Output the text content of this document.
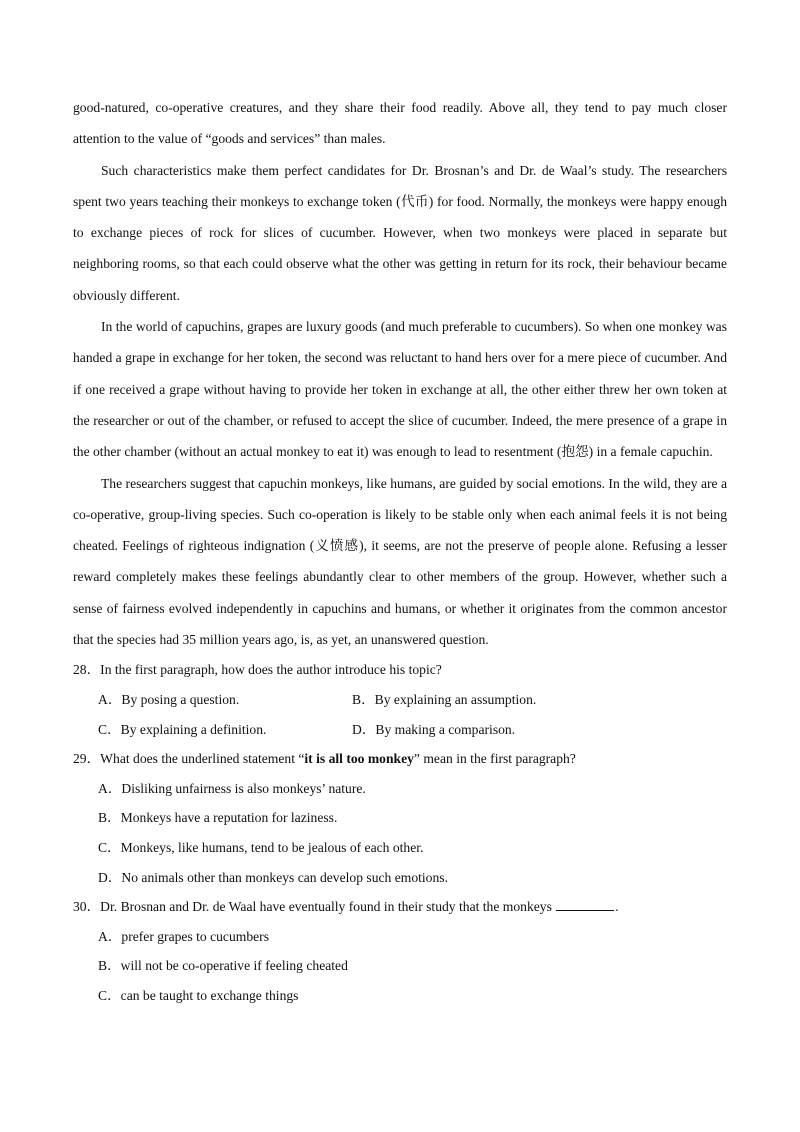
good-natured, co-operative creatures, and they share their food readily. Above all, they tend to pay much closer attention to the value of “goods and services” than males.

Such characteristics make them perfect candidates for Dr. Brosnan’s and Dr. de Waal’s study. The researchers spent two years teaching their monkeys to exchange token (代币) for food. Normally, the monkeys were happy enough to exchange pieces of rock for slices of cucumber. However, when two monkeys were placed in separate but neighboring rooms, so that each could observe what the other was getting in return for its rock, their behaviour became obviously different.

In the world of capuchins, grapes are luxury goods (and much preferable to cucumbers). So when one monkey was handed a grape in exchange for her token, the second was reluctant to hand hers over for a mere piece of cucumber. And if one received a grape without having to provide her token in exchange at all, the other either threw her own token at the researcher or out of the chamber, or refused to accept the slice of cucumber. Indeed, the mere presence of a grape in the other chamber (without an actual monkey to eat it) was enough to lead to resentment (抱怨) in a female capuchin.

The researchers suggest that capuchin monkeys, like humans, are guided by social emotions. In the wild, they are a co-operative, group-living species. Such co-operation is likely to be stable only when each animal feels it is not being cheated. Feelings of righteous indignation (义愤感), it seems, are not the preserve of people alone. Refusing a lesser reward completely makes these feelings abundantly clear to other members of the group. However, whether such a sense of fairness evolved independently in capuchins and humans, or whether it originates from the common ancestor that the species had 35 million years ago, is, as yet, an unanswered question.

28．In the first paragraph, how does the author introduce his topic?

A．By posing a question.	B．By explaining an assumption.
C．By explaining a definition.	D．By making a comparison.

29．What does the underlined statement “it is all too monkey” mean in the first paragraph?

A．Disliking unfairness is also monkeys’ nature.
B．Monkeys have a reputation for laziness.
C．Monkeys, like humans, tend to be jealous of each other.
D．No animals other than monkeys can develop such emotions.

30．Dr. Brosnan and Dr. de Waal have eventually found in their study that the monkeys	.

A．prefer grapes to cucumbers
B．will not be co-operative if feeling cheated
C．can be taught to exchange things
